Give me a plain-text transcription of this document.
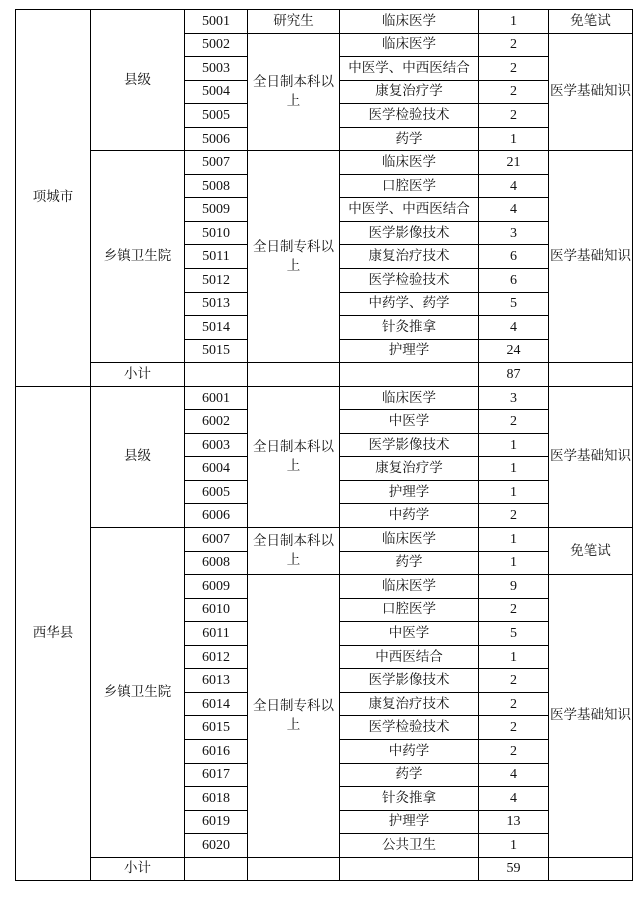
项城市	县级	5001	研究生	临床医学	1	免笔试
		5002	全日制本科以上	临床医学	2	医学基础知识
		5003		中医学、中西医结合	2	
		5004		康复治疗学	2	
		5005		医学检验技术	2	
		5006		药学	1	
	乡镇卫生院	5007	全日制专科以上	临床医学	21	医学基础知识
		5008		口腔医学	4	
		5009		中医学、中西医结合	4	
		5010		医学影像技术	3	
		5011		康复治疗技术	6	
		5012		医学检验技术	6	
		5013		中药学、药学	5	
		5014		针灸推拿	4	
		5015		护理学	24	
	小计				87	
西华县	县级	6001	全日制本科以上	临床医学	3	医学基础知识
		6002		中医学	2	
		6003		医学影像技术	1	
		6004		康复治疗学	1	
		6005		护理学	1	
		6006		中药学	2	
	乡镇卫生院	6007	全日制本科以上	临床医学	1	免笔试
		6008		药学	1	
		6009	全日制专科以上	临床医学	9	医学基础知识
		6010		口腔医学	2	
		6011		中医学	5	
		6012		中西医结合	1	
		6013		医学影像技术	2	
		6014		康复治疗技术	2	
		6015		医学检验技术	2	
		6016		中药学	2	
		6017		药学	4	
		6018		针灸推拿	4	
		6019		护理学	13	
		6020		公共卫生	1	
	小计				59	
